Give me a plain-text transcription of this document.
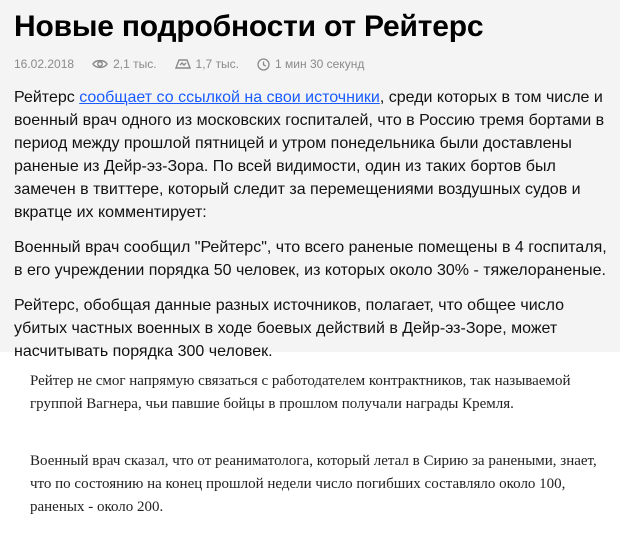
Новые подробности от Рейтерс
16.02.2018	2,1 тыс.	1,7 тыс.	1 мин 30 секунд

Рейтерс сообщает со ссылкой на свои источники, среди которых в том числе и военный врач одного из московских госпиталей, что в Россию тремя бортами в период между прошлой пятницей и утром понедельника были доставлены раненые из Дейр-эз-Зора. По всей видимости, один из таких бортов был замечен в твиттере, который следит за перемещениями воздушных судов и вкратце их комментирует:

Военный врач сообщил "Рейтерс", что всего раненые помещены в 4 госпиталя, в его учреждении порядка 50 человек, из которых около 30% - тяжелораненые.

Рейтерс, обобщая данные разных источников, полагает, что общее число убитых частных военных в ходе боевых действий в Дейр-эз-Зоре, может насчитывать порядка 300 человек.

Рейтер не смог напрямую связаться с работодателем контрактников, так называемой группой Вагнера, чьи павшие бойцы в прошлом получали награды Кремля.

Военный врач сказал, что от реаниматолога, который летал в Сирию за ранеными, знает, что по состоянию на конец прошлой недели число погибших составляло около 100, раненых - около 200.
